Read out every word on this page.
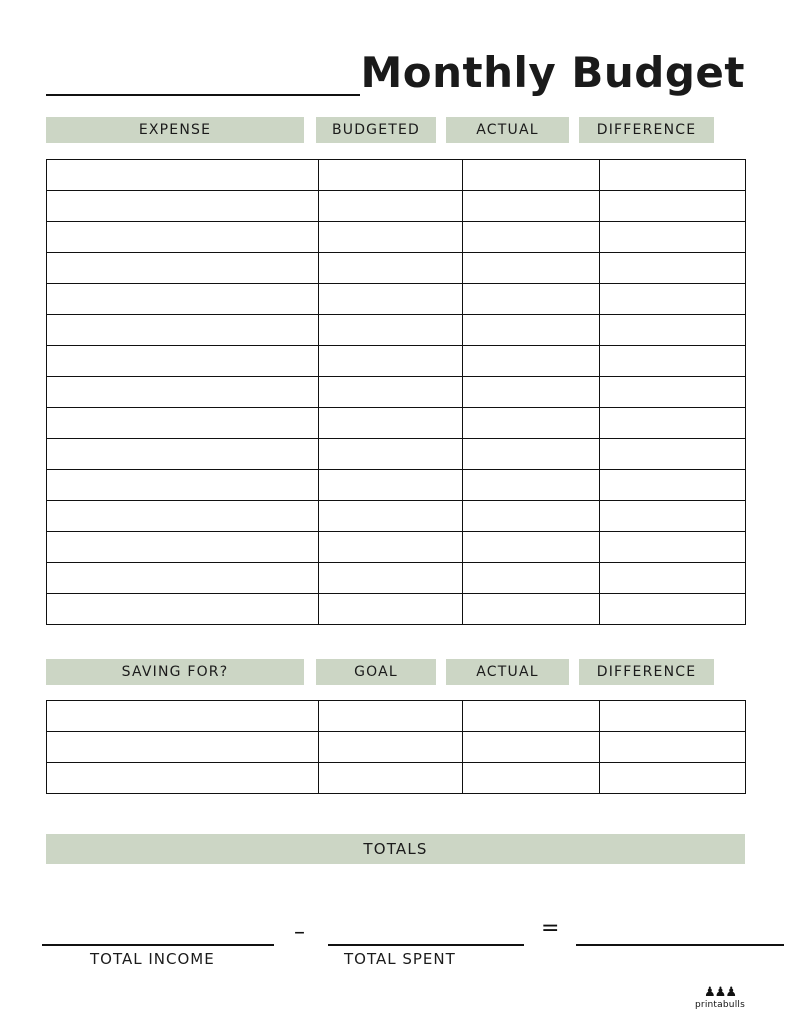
Monthly Budget
EXPENSE	BUDGETED	ACTUAL	DIFFERENCE

SAVING FOR?	GOAL	ACTUAL	DIFFERENCE

TOTALS
–	=
TOTAL INCOME	TOTAL SPENT
♟♟♟
printabulls
